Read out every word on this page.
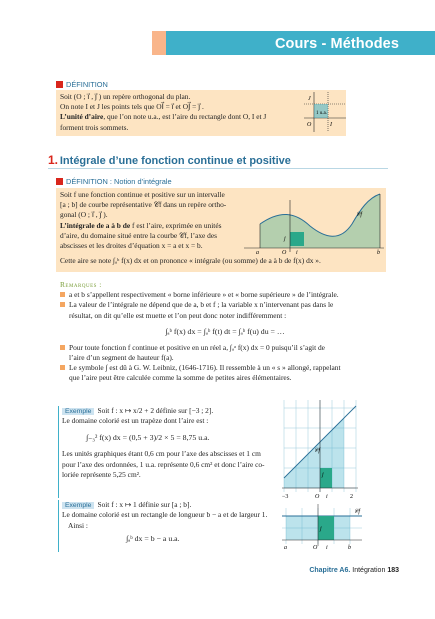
Cours - Méthodes
DÉFINITION
Soit (O ; i⃗ , j⃗ ) un repère orthogonal du plan.
On note I et J les points tels que OI⃗ = i⃗ et OJ⃗ = j⃗ .
L’unité d’aire, que l’on note u.a., est l’aire du rectangle dont O, I et J
forment trois sommets.
J
1 u.a.
O	I
1. Intégrale d’une fonction continue et positive
DÉFINITION : Notion d’intégrale
Soit f une fonction continue et positive sur un intervalle
[a ; b] de courbe représentative 𝒞f dans un repère ortho-
gonal (O ; i⃗ , j⃗ ).
L’intégrale de a à b de f est l’aire, exprimée en unités
d’aire, du domaine situé entre la courbe 𝒞f, l’axe des
abscisses et les droites d’équation x = a et x = b.
Cette aire se note ∫ₐᵇ f(x) dx et on prononce « intégrale (ou somme) de a à b de f(x) dx ».
𝒞f
a	b
O i⃗
j⃗
Remarques :
a et b s’appellent respectivement « borne inférieure » et « borne supérieure » de l’intégrale.
La valeur de l’intégrale ne dépend que de a, b et f ; la variable x n’intervenant pas dans le
résultat, on dit qu’elle est muette et l’on peut donc noter indifféremment :
∫ₐᵇ f(x) dx = ∫ₐᵇ f(t) dt = ∫ₐᵇ f(u) du = …
Pour toute fonction f continue et positive en un réel a, ∫ₐᵃ f(x) dx = 0 puisqu’il s’agit de
l’aire d’un segment de hauteur f(a).
Le symbole ∫ est dû à G. W. Leibniz, (1646-1716). Il ressemble à un « s » allongé, rappelant
que l’aire peut être calculée comme la somme de petites aires élémentaires.
Exemple Soit f : x ↦ x/2 + 2 définie sur [−3 ; 2].
Le domaine colorié est un trapèze dont l’aire est :
∫₋₃² f(x) dx = (0,5 + 3)/2 × 5 = 8,75 u.a.
Les unités graphiques étant 0,6 cm pour l’axe des abscisses et 1 cm
pour l’axe des ordonnées, 1 u.a. représente 0,6 cm² et donc l’aire co-
loriée représente 5,25 cm².
𝒞f
−3	O i⃗
j⃗
2
Exemple Soit f : x ↦ 1 définie sur [a ; b].
Le domaine colorié est un rectangle de longueur b − a et de largeur 1.
Ainsi :
∫ₐᵇ dx = b − a u.a.
𝒞f
a	O i⃗	b
j⃗
Chapitre A6. Intégration 183
